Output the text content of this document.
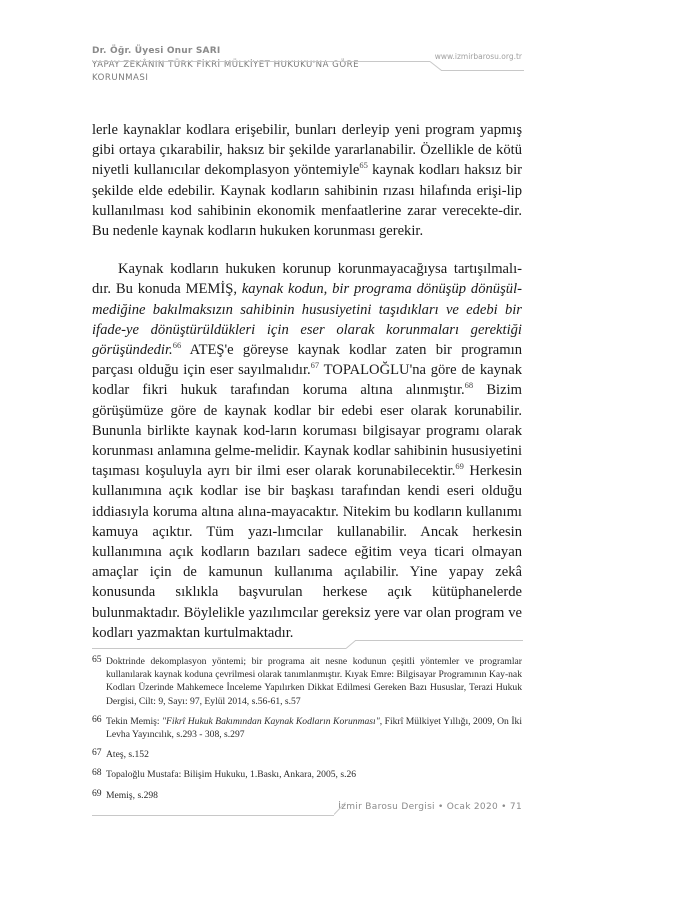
Dr. Öğr. Üyesi Onur SARI
YAPAY ZEKÂNIN TÜRK FİKRİ MÜLKİYET HUKUKU'NA GÖRE
KORUNMASI
www.izmirbarosu.org.tr

lerle kaynaklar kodlara erişebilir, bunları derleyip yeni program yapmış gibi ortaya çıkarabilir, haksız bir şekilde yararlanabilir. Özellikle de kötü niyetli kullanıcılar dekomplasyon yöntemiyle$^{65}$ kaynak kodları haksız bir şekilde elde edebilir. Kaynak kodların sahibinin rızası hilafında erişi-lip kullanılması kod sahibinin ekonomik menfaatlerine zarar verecekte-dir. Bu nedenle kaynak kodların hukuken korunması gerekir.

Kaynak kodların hukuken korunup korunmayacağıysa tartışılmalı-dır. Bu konuda MEMİŞ, kaynak kodun, bir programa dönüşüp dönüşül-mediğine bakılmaksızın sahibinin hususiyetini taşıdıkları ve edebi bir ifade-ye dönüştürüldükleri için eser olarak korunmaları gerektiği görüşündedir.$^{66}$ ATEŞ'e göreyse kaynak kodlar zaten bir programın parçası olduğu için eser sayılmalıdır.$^{67}$ TOPALOĞLU'na göre de kaynak kodlar fikri hukuk tarafından koruma altına alınmıştır.$^{68}$ Bizim görüşümüze göre de kaynak kodlar bir edebi eser olarak korunabilir. Bununla birlikte kaynak kod-ların koruması bilgisayar programı olarak korunması anlamına gelme-melidir. Kaynak kodlar sahibinin hususiyetini taşıması koşuluyla ayrı bir ilmi eser olarak korunabilecektir.$^{69}$ Herkesin kullanımına açık kodlar ise bir başkası tarafından kendi eseri olduğu iddiasıyla koruma altına alına-mayacaktır. Nitekim bu kodların kullanımı kamuya açıktır. Tüm yazı-lımcılar kullanabilir. Ancak herkesin kullanımına açık kodların bazıları sadece eğitim veya ticari olmayan amaçlar için de kamunun kullanıma açılabilir. Yine yapay zekâ konusunda sıklıkla başvurulan herkese açık kütüphanelerde bulunmaktadır. Böylelikle yazılımcılar gereksiz yere var olan program ve kodları yazmaktan kurtulmaktadır.

65 Doktrinde dekomplasyon yöntemi; bir programa ait nesne kodunun çeşitli yöntemler ve programlar kullanılarak kaynak koduna çevrilmesi olarak tanımlanmıştır. Kıyak Emre: Bilgisayar Programının Kay-nak Kodları Üzerinde Mahkemece İnceleme Yapılırken Dikkat Edilmesi Gereken Bazı Hususlar, Terazi Hukuk Dergisi, Cilt: 9, Sayı: 97, Eylül 2014, s.56-61, s.57
66 Tekin Memiş: "Fikrî Hukuk Bakımından Kaynak Kodların Korunması", Fikrî Mülkiyet Yıllığı, 2009, On İki Levha Yayıncılık, s.293 - 308, s.297
67 Ateş, s.152
68 Topaloğlu Mustafa: Bilişim Hukuku, 1.Baskı, Ankara, 2005, s.26
69 Memiş, s.298
İzmir Barosu Dergisi • Ocak 2020 • 71
